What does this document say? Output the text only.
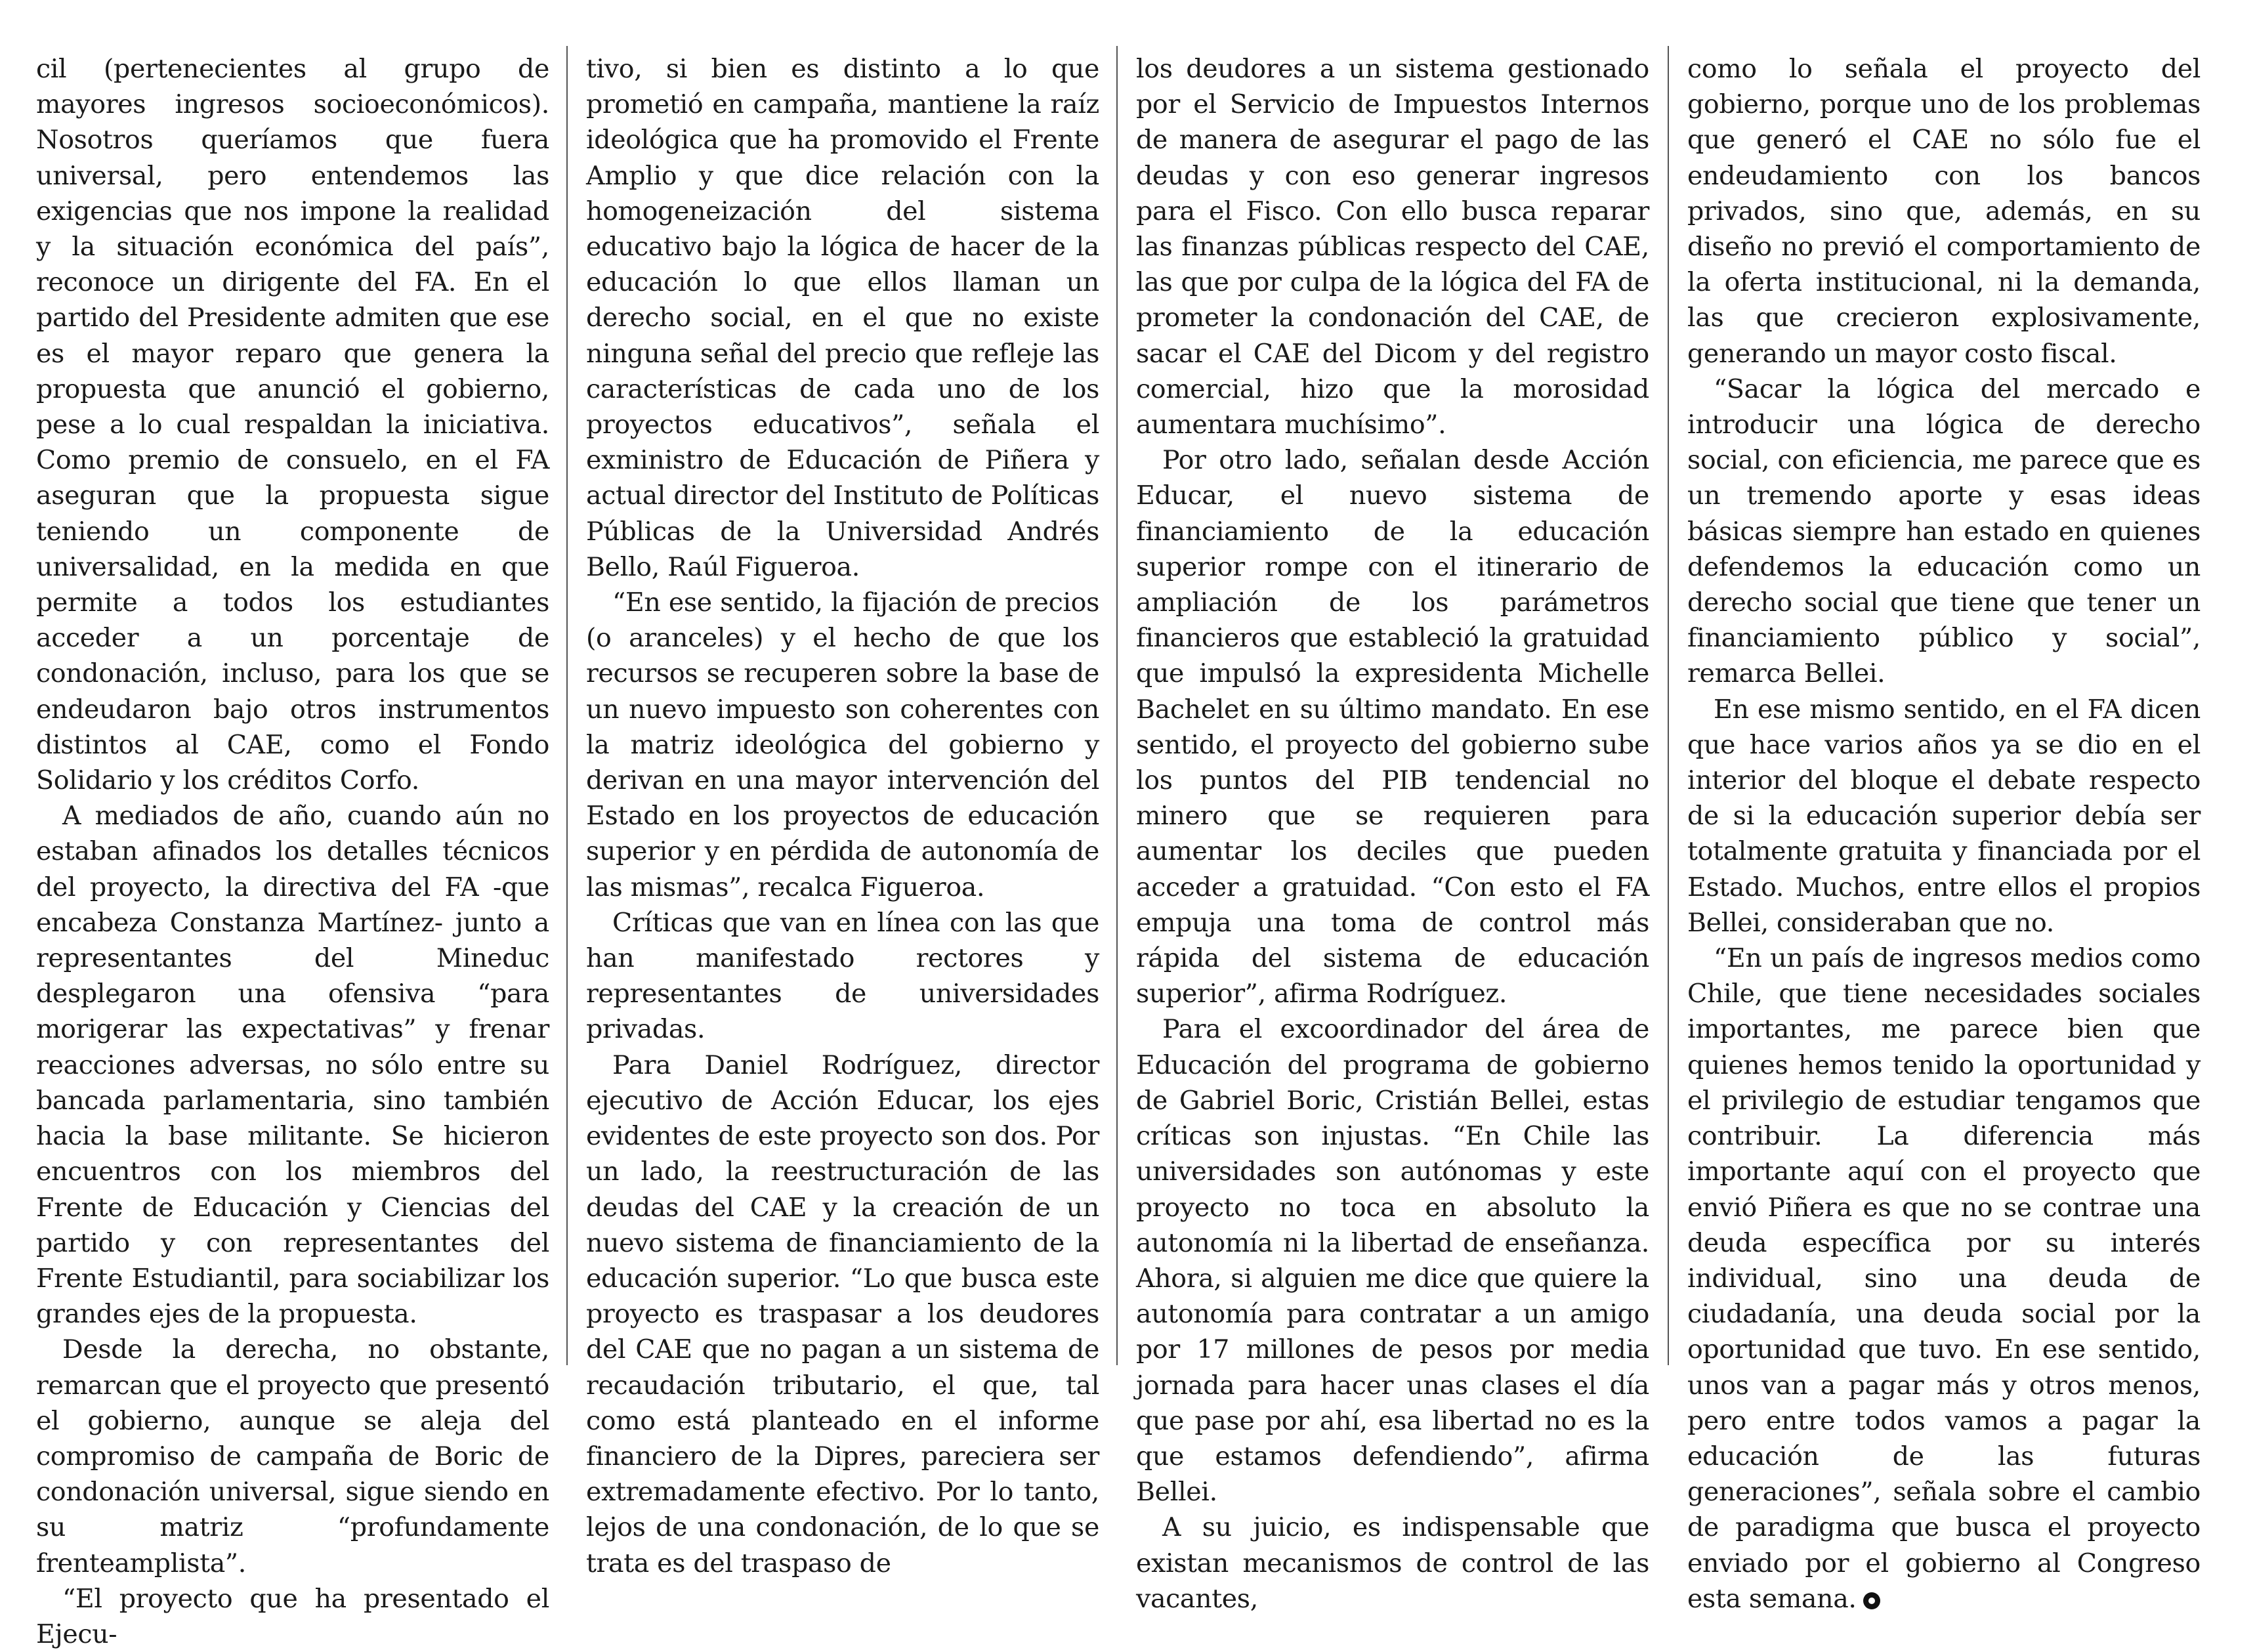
cil (pertenecientes al grupo de mayores ingresos socioeconómicos). Nosotros queríamos que fuera universal, pero entendemos las exigencias que nos impone la realidad y la situación económica del país”, reconoce un dirigente del FA. En el partido del Presidente admiten que ese es el mayor reparo que genera la propuesta que anunció el gobierno, pese a lo cual respaldan la iniciativa. Como premio de consuelo, en el FA aseguran que la propuesta sigue teniendo un componente de universalidad, en la medida en que permite a todos los estudiantes acceder a un porcentaje de condonación, incluso, para los que se endeudaron bajo otros instrumentos distintos al CAE, como el Fondo Solidario y los créditos Corfo.

A mediados de año, cuando aún no estaban afinados los detalles técnicos del proyecto, la directiva del FA -que encabeza Constanza Martínez- junto a representantes del Mineduc desplegaron una ofensiva “para morigerar las expectativas” y frenar reacciones adversas, no sólo entre su bancada parlamentaria, sino también hacia la base militante. Se hicieron encuentros con los miembros del Frente de Educación y Ciencias del partido y con representantes del Frente Estudiantil, para sociabilizar los grandes ejes de la propuesta.

Desde la derecha, no obstante, remarcan que el proyecto que presentó el gobierno, aunque se aleja del compromiso de campaña de Boric de condonación universal, sigue siendo en su matriz “profundamente frenteamplista”.

“El proyecto que ha presentado el Ejecu-

tivo, si bien es distinto a lo que prometió en campaña, mantiene la raíz ideológica que ha promovido el Frente Amplio y que dice relación con la homogeneización del sistema educativo bajo la lógica de hacer de la educación lo que ellos llaman un derecho social, en el que no existe ninguna señal del precio que refleje las características de cada uno de los proyectos educativos”, señala el exministro de Educación de Piñera y actual director del Instituto de Políticas Públicas de la Universidad Andrés Bello, Raúl Figueroa.

“En ese sentido, la fijación de precios (o aranceles) y el hecho de que los recursos se recuperen sobre la base de un nuevo impuesto son coherentes con la matriz ideológica del gobierno y derivan en una mayor intervención del Estado en los proyectos de educación superior y en pérdida de autonomía de las mismas”, recalca Figueroa.

Críticas que van en línea con las que han manifestado rectores y representantes de universidades privadas.

Para Daniel Rodríguez, director ejecutivo de Acción Educar, los ejes evidentes de este proyecto son dos. Por un lado, la reestructuración de las deudas del CAE y la creación de un nuevo sistema de financiamiento de la educación superior. “Lo que busca este proyecto es traspasar a los deudores del CAE que no pagan a un sistema de recaudación tributario, el que, tal como está planteado en el informe financiero de la Dipres, pareciera ser extremadamente efectivo. Por lo tanto, lejos de una condonación, de lo que se trata es del traspaso de

los deudores a un sistema gestionado por el Servicio de Impuestos Internos de manera de asegurar el pago de las deudas y con eso generar ingresos para el Fisco. Con ello busca reparar las finanzas públicas respecto del CAE, las que por culpa de la lógica del FA de prometer la condonación del CAE, de sacar el CAE del Dicom y del registro comercial, hizo que la morosidad aumentara muchísimo”.

Por otro lado, señalan desde Acción Educar, el nuevo sistema de financiamiento de la educación superior rompe con el itinerario de ampliación de los parámetros financieros que estableció la gratuidad que impulsó la expresidenta Michelle Bachelet en su último mandato. En ese sentido, el proyecto del gobierno sube los puntos del PIB tendencial no minero que se requieren para aumentar los deciles que pueden acceder a gratuidad. “Con esto el FA empuja una toma de control más rápida del sistema de educación superior”, afirma Rodríguez.

Para el excoordinador del área de Educación del programa de gobierno de Gabriel Boric, Cristián Bellei, estas críticas son injustas. “En Chile las universidades son autónomas y este proyecto no toca en absoluto la autonomía ni la libertad de enseñanza. Ahora, si alguien me dice que quiere la autonomía para contratar a un amigo por 17 millones de pesos por media jornada para hacer unas clases el día que pase por ahí, esa libertad no es la que estamos defendiendo”, afirma Bellei.

A su juicio, es indispensable que existan mecanismos de control de las vacantes,

como lo señala el proyecto del gobierno, porque uno de los problemas que generó el CAE no sólo fue el endeudamiento con los bancos privados, sino que, además, en su diseño no previó el comportamiento de la oferta institucional, ni la demanda, las que crecieron explosivamente, generando un mayor costo fiscal.

“Sacar la lógica del mercado e introducir una lógica de derecho social, con eficiencia, me parece que es un tremendo aporte y esas ideas básicas siempre han estado en quienes defendemos la educación como un derecho social que tiene que tener un financiamiento público y social”, remarca Bellei.

En ese mismo sentido, en el FA dicen que hace varios años ya se dio en el interior del bloque el debate respecto de si la educación superior debía ser totalmente gratuita y financiada por el Estado. Muchos, entre ellos el propios Bellei, consideraban que no.

“En un país de ingresos medios como Chile, que tiene necesidades sociales importantes, me parece bien que quienes hemos tenido la oportunidad y el privilegio de estudiar tengamos que contribuir. La diferencia más importante aquí con el proyecto que envió Piñera es que no se contrae una deuda específica por su interés individual, sino una deuda de ciudadanía, una deuda social por la oportunidad que tuvo. En ese sentido, unos van a pagar más y otros menos, pero entre todos vamos a pagar la educación de las futuras generaciones”, señala sobre el cambio de paradigma que busca el proyecto enviado por el gobierno al Congreso esta semana.
